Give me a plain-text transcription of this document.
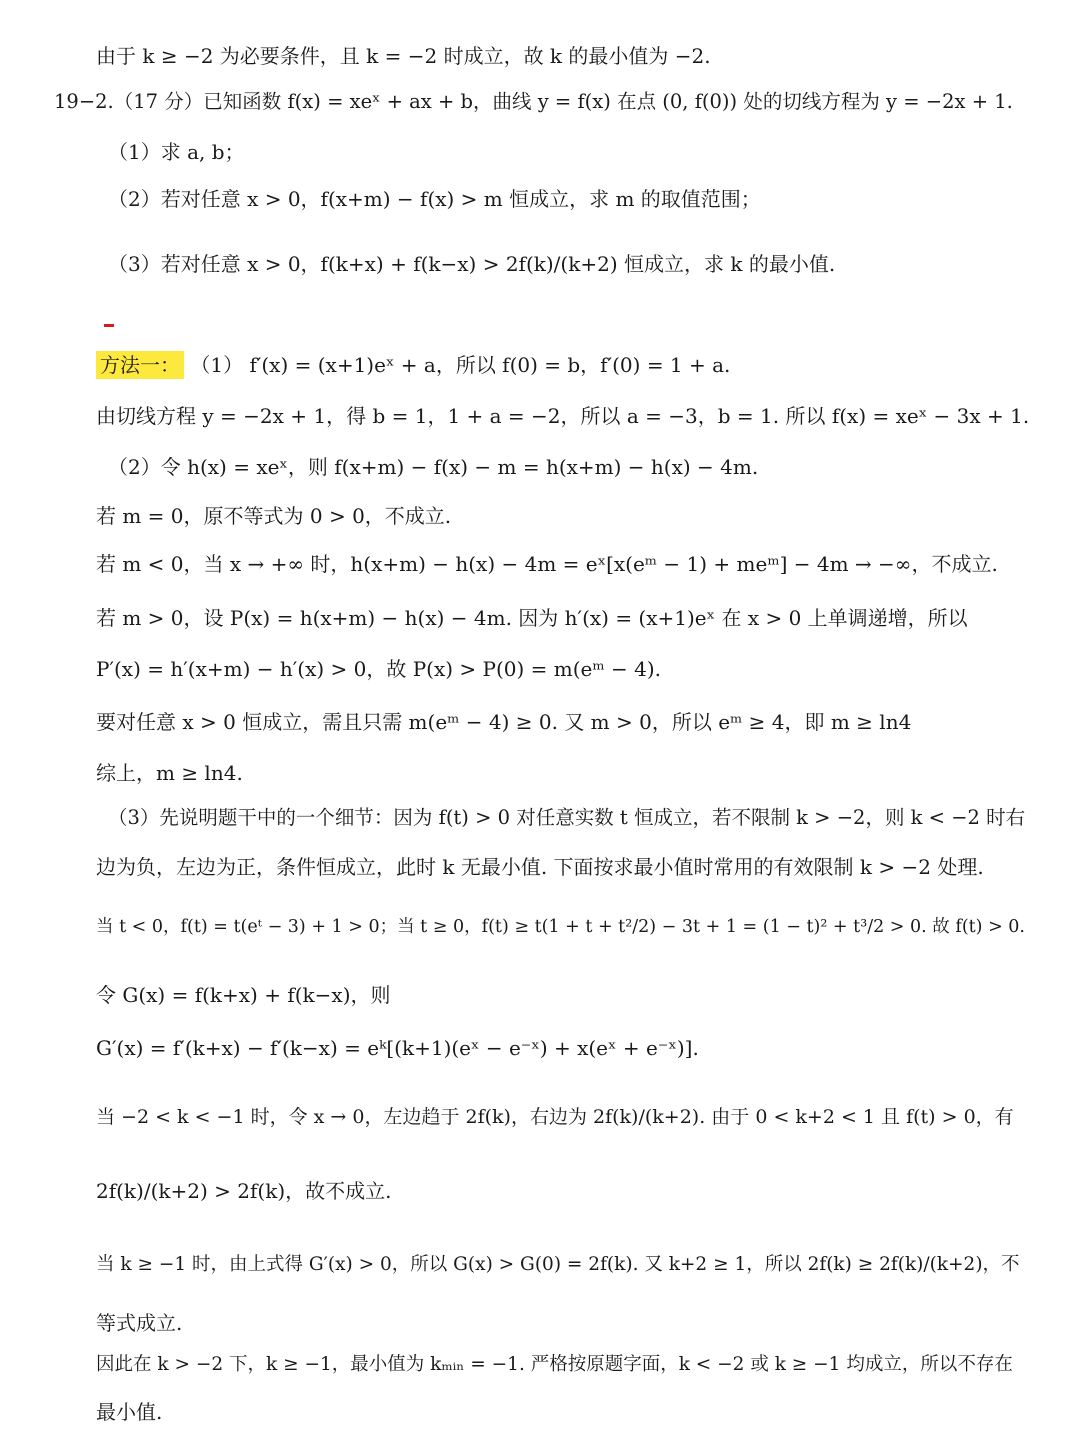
由于 k ≥ −2 为必要条件，且 k = −2 时成立，故 k 的最小值为 −2.
19−2.（17 分）已知函数 f(x) = xeˣ + ax + b，曲线 y = f(x) 在点 (0, f(0)) 处的切线方程为 y = −2x + 1.
（1）求 a, b；
（2）若对任意 x > 0，f(x+m) − f(x) > m 恒成立，求 m 的取值范围；
（3）若对任意 x > 0，f(k+x) + f(k−x) > 2f(k)/(k+2) 恒成立，求 k 的最小值.
方法一： （1） f′(x) = (x+1)eˣ + a，所以 f(0) = b，f′(0) = 1 + a.
由切线方程 y = −2x + 1，得 b = 1，1 + a = −2，所以 a = −3，b = 1. 所以 f(x) = xeˣ − 3x + 1.
（2）令 h(x) = xeˣ，则 f(x+m) − f(x) − m = h(x+m) − h(x) − 4m.
若 m = 0，原不等式为 0 > 0，不成立.
若 m < 0，当 x → +∞ 时，h(x+m) − h(x) − 4m = eˣ[x(eᵐ − 1) + meᵐ] − 4m → −∞，不成立.
若 m > 0，设 P(x) = h(x+m) − h(x) − 4m. 因为 h′(x) = (x+1)eˣ 在 x > 0 上单调递增，所以
P′(x) = h′(x+m) − h′(x) > 0，故 P(x) > P(0) = m(eᵐ − 4).
要对任意 x > 0 恒成立，需且只需 m(eᵐ − 4) ≥ 0. 又 m > 0，所以 eᵐ ≥ 4，即 m ≥ ln4
综上，m ≥ ln4.
（3）先说明题干中的一个细节：因为 f(t) > 0 对任意实数 t 恒成立，若不限制 k > −2，则 k < −2 时右
边为负，左边为正，条件恒成立，此时 k 无最小值. 下面按求最小值时常用的有效限制 k > −2 处理.
当 t < 0，f(t) = t(eᵗ − 3) + 1 > 0；当 t ≥ 0，f(t) ≥ t(1 + t + t²/2) − 3t + 1 = (1 − t)² + t³/2 > 0. 故 f(t) > 0.
令 G(x) = f(k+x) + f(k−x)，则
G′(x) = f′(k+x) − f′(k−x) = eᵏ[(k+1)(eˣ − e⁻ˣ) + x(eˣ + e⁻ˣ)].
当 −2 < k < −1 时，令 x → 0，左边趋于 2f(k)，右边为 2f(k)/(k+2). 由于 0 < k+2 < 1 且 f(t) > 0，有
2f(k)/(k+2) > 2f(k)，故不成立.
当 k ≥ −1 时，由上式得 G′(x) > 0，所以 G(x) > G(0) = 2f(k). 又 k+2 ≥ 1，所以 2f(k) ≥ 2f(k)/(k+2)，不
等式成立.
因此在 k > −2 下，k ≥ −1，最小值为 kₘᵢₙ = −1. 严格按原题字面，k < −2 或 k ≥ −1 均成立，所以不存在
最小值.
